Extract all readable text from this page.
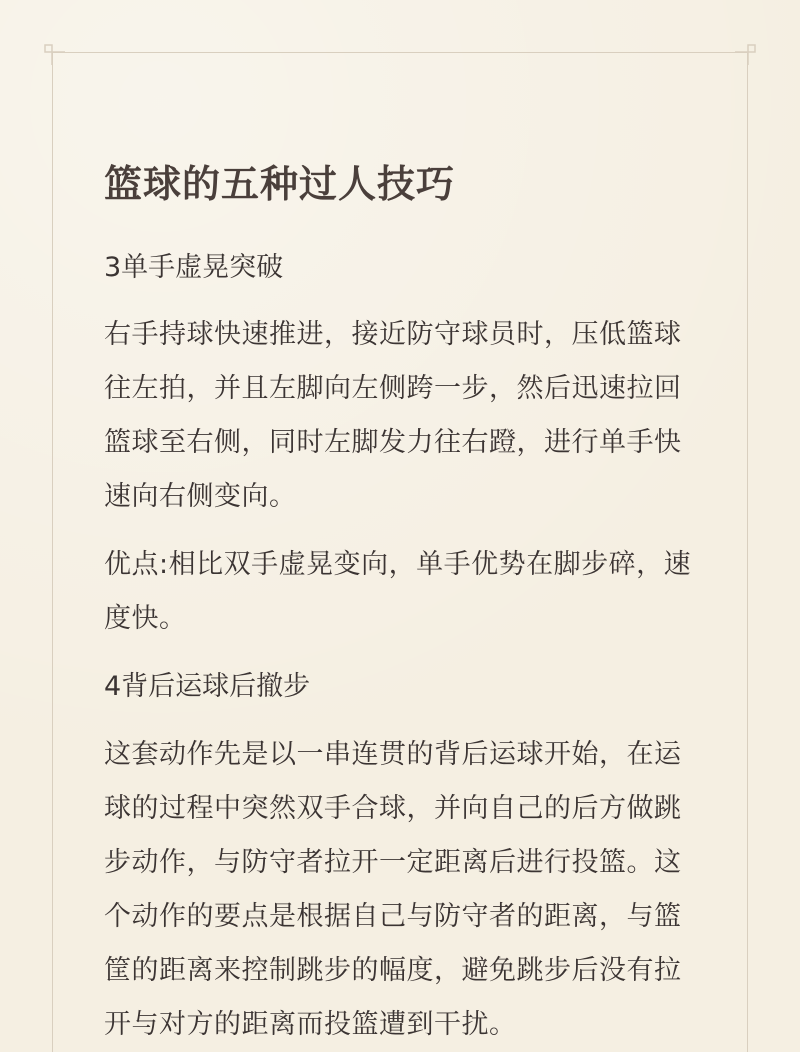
篮球的五种过人技巧

3单手虚晃突破

右手持球快速推进，接近防守球员时，压低篮球往左拍，并且左脚向左侧跨一步，然后迅速拉回篮球至右侧，同时左脚发力往右蹬，进行单手快速向右侧变向。

优点:相比双手虚晃变向，单手优势在脚步碎，速度快。

4背后运球后撤步

这套动作先是以一串连贯的背后运球开始，在运球的过程中突然双手合球，并向自己的后方做跳步动作，与防守者拉开一定距离后进行投篮。这个动作的要点是根据自己与防守者的距离，与篮筐的距离来控制跳步的幅度，避免跳步后没有拉开与对方的距离而投篮遭到干扰。
